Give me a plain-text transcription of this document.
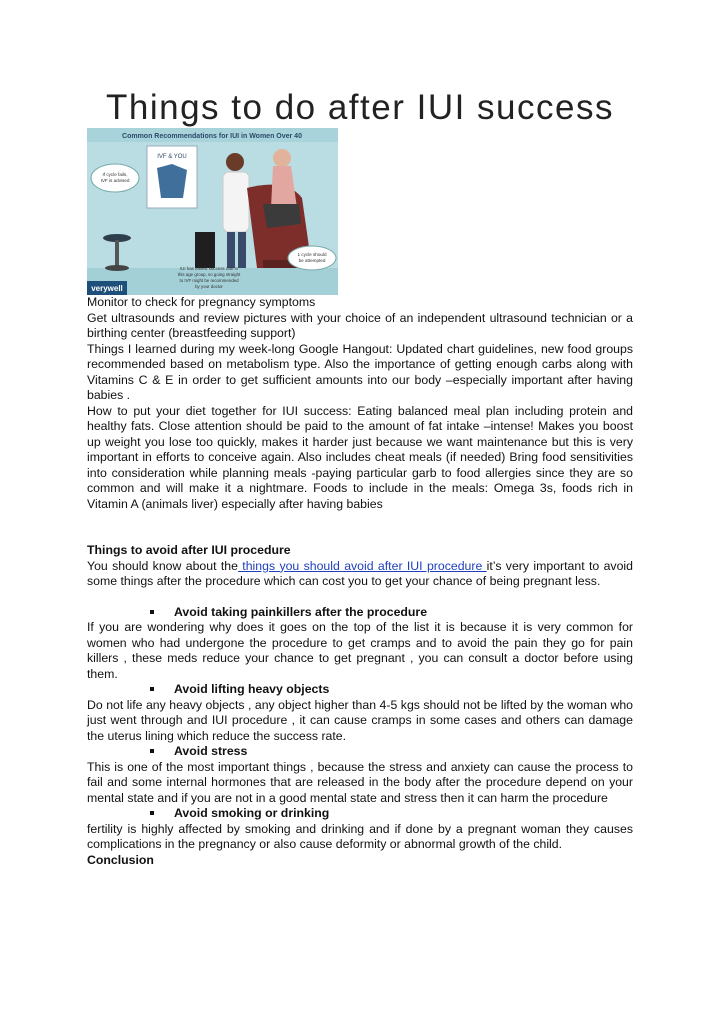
Things to do after IUI success
Common Recommendations for IUI in Women Over 40
IVF & YOU
If cycle fails,
IVF is advised
1 cycle should
be attempted
IUI has lowest success rate in
this age group, so going straight
to IVF might be recommended
by your doctor
verywell

Monitor to check for pregnancy symptoms

Get ultrasounds and review pictures with your choice of an independent ultrasound technician or a birthing center (breastfeeding support)

Things I learned during my week-long Google Hangout: Updated chart guidelines, new food groups recommended based on metabolism type. Also the importance of getting enough carbs along with Vitamins C & E in order to get sufficient amounts into our body –especially important after having babies .

How to put your diet together for IUI success: Eating balanced meal plan including protein and healthy fats. Close attention should be paid to the amount of fat intake –intense! Makes you boost up weight you lose too quickly, makes it harder just because we want maintenance but this is very important in efforts to conceive again. Also includes cheat meals (if needed) Bring food sensitivities into consideration while planning meals -paying particular garb to food allergies since they are so common and will make it a nightmare. Foods to include in the meals: Omega 3s, foods rich in Vitamin A (animals liver) especially after having babies

Things to avoid after IUI procedure

You should know about the things you should avoid after IUI procedure it’s very important to avoid some things after the procedure which can cost you to get your chance of being pregnant less.

Avoid taking painkillers after the procedure

If you are wondering why does it goes on the top of the list it is because it is very common for women who had undergone the procedure to get cramps and to avoid the pain they go for pain killers , these meds reduce your chance to get pregnant , you can consult a doctor before using them.

Avoid lifting heavy objects

Do not life any heavy objects , any object higher than 4-5 kgs should not be lifted by the woman who just went through and IUI procedure , it can cause cramps in some cases and others can damage the uterus lining which reduce the success rate.

Avoid stress

This is one of the most important things , because the stress and anxiety can cause the process to fail and some internal hormones that are released in the body after the procedure depend on your mental state and if you are not in a good mental state and stress then it can harm the procedure

Avoid smoking or drinking

fertility is highly affected by smoking and drinking and if done by a pregnant woman they causes complications in the pregnancy or also cause deformity or abnormal growth of the child.

Conclusion
